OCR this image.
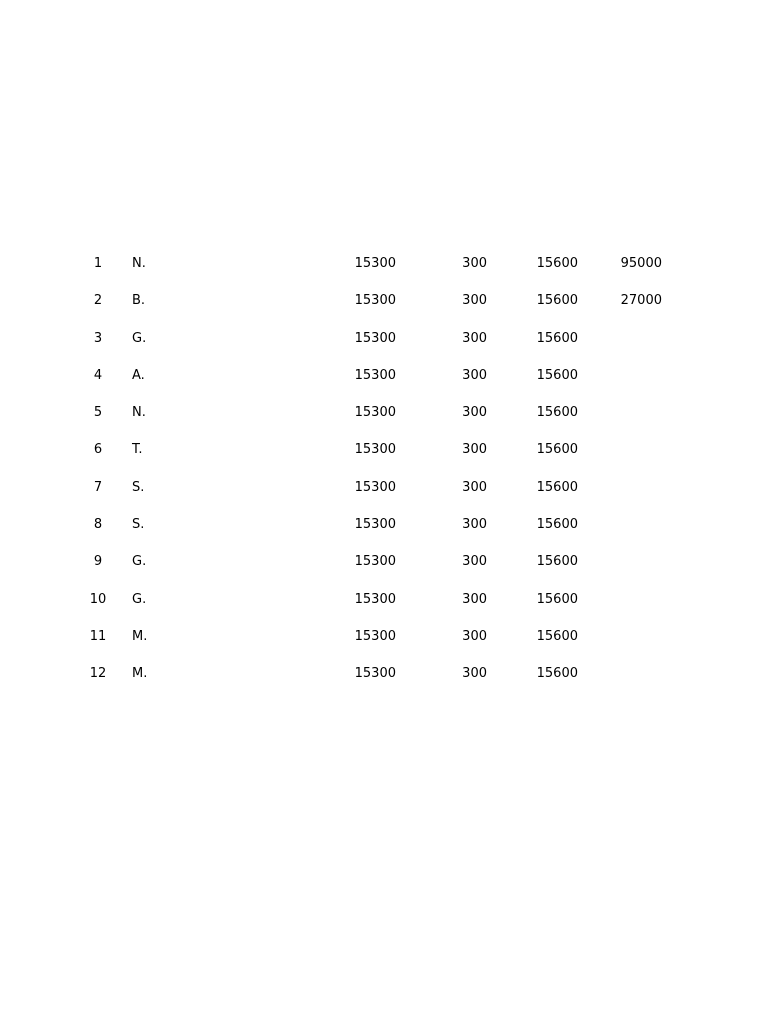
1	N.	15300	300	15600	95000
2	B.	15300	300	15600	27000
3	G.	15300	300	15600
4	A.	15300	300	15600
5	N.	15300	300	15600
6	T.	15300	300	15600
7	S.	15300	300	15600
8	S.	15300	300	15600
9	G.	15300	300	15600
10	G.	15300	300	15600
11	M.	15300	300	15600
12	M.	15300	300	15600
